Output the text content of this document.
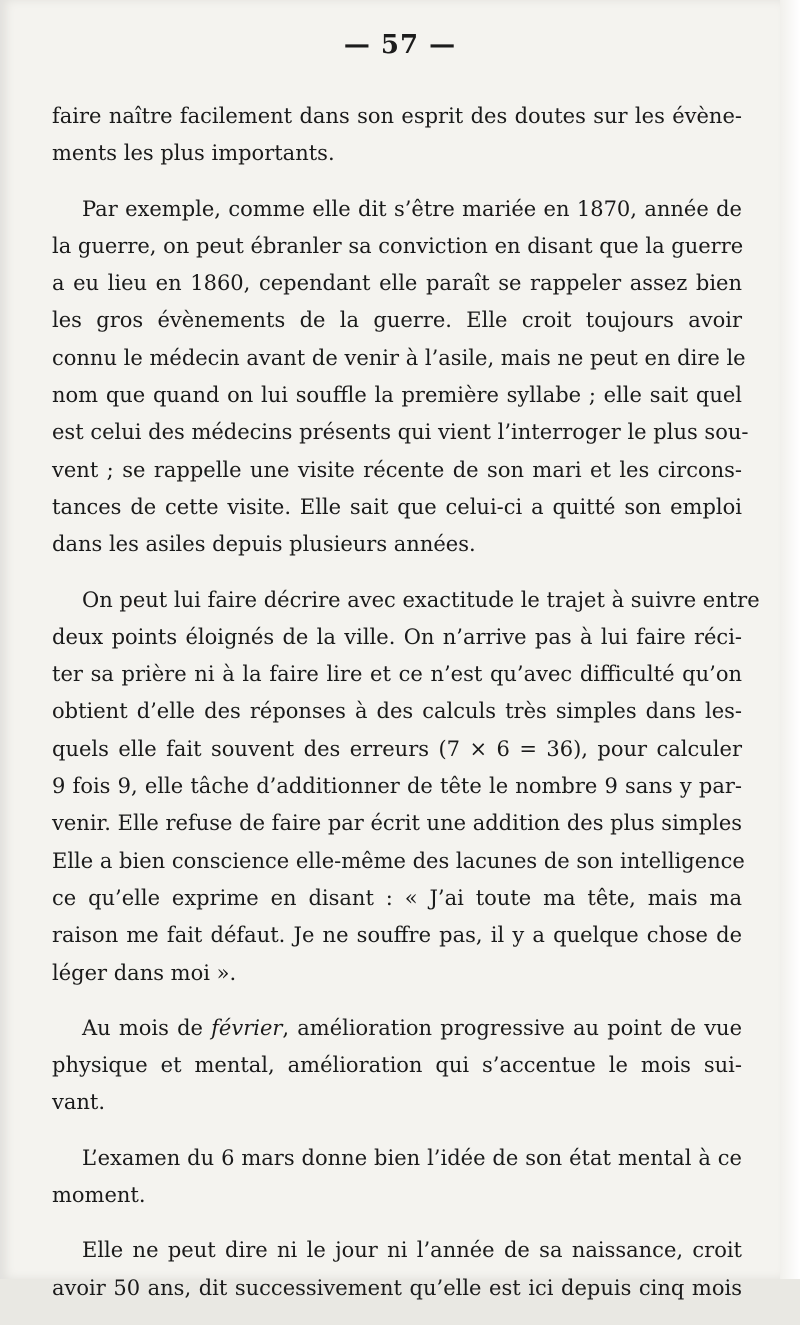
— 57 —

faire naître facilement dans son esprit des doutes sur les évène-
ments les plus importants.

Par exemple, comme elle dit s’être mariée en 1870, année de
la guerre, on peut ébranler sa conviction en disant que la guerre
a eu lieu en 1860, cependant elle paraît se rappeler assez bien
les gros évènements de la guerre. Elle croit toujours avoir
connu le médecin avant de venir à l’asile, mais ne peut en dire le
nom que quand on lui souffle la première syllabe ; elle sait quel
est celui des médecins présents qui vient l’interroger le plus sou-
vent ; se rappelle une visite récente de son mari et les circons-
tances de cette visite. Elle sait que celui-ci a quitté son emploi
dans les asiles depuis plusieurs années.

On peut lui faire décrire avec exactitude le trajet à suivre entre
deux points éloignés de la ville. On n’arrive pas à lui faire réci-
ter sa prière ni à la faire lire et ce n’est qu’avec difficulté qu’on
obtient d’elle des réponses à des calculs très simples dans les-
quels elle fait souvent des erreurs (7 × 6 = 36), pour calculer
9 fois 9, elle tâche d’additionner de tête le nombre 9 sans y par-
venir. Elle refuse de faire par écrit une addition des plus simples
Elle a bien conscience elle-même des lacunes de son intelligence
ce qu’elle exprime en disant : « J’ai toute ma tête, mais ma
raison me fait défaut. Je ne souffre pas, il y a quelque chose de
léger dans moi ».

Au mois de février, amélioration progressive au point de vue
physique et mental, amélioration qui s’accentue le mois sui-
vant.

L’examen du 6 mars donne bien l’idée de son état mental à ce
moment.

Elle ne peut dire ni le jour ni l’année de sa naissance, croit
avoir 50 ans, dit successivement qu’elle est ici depuis cinq mois
